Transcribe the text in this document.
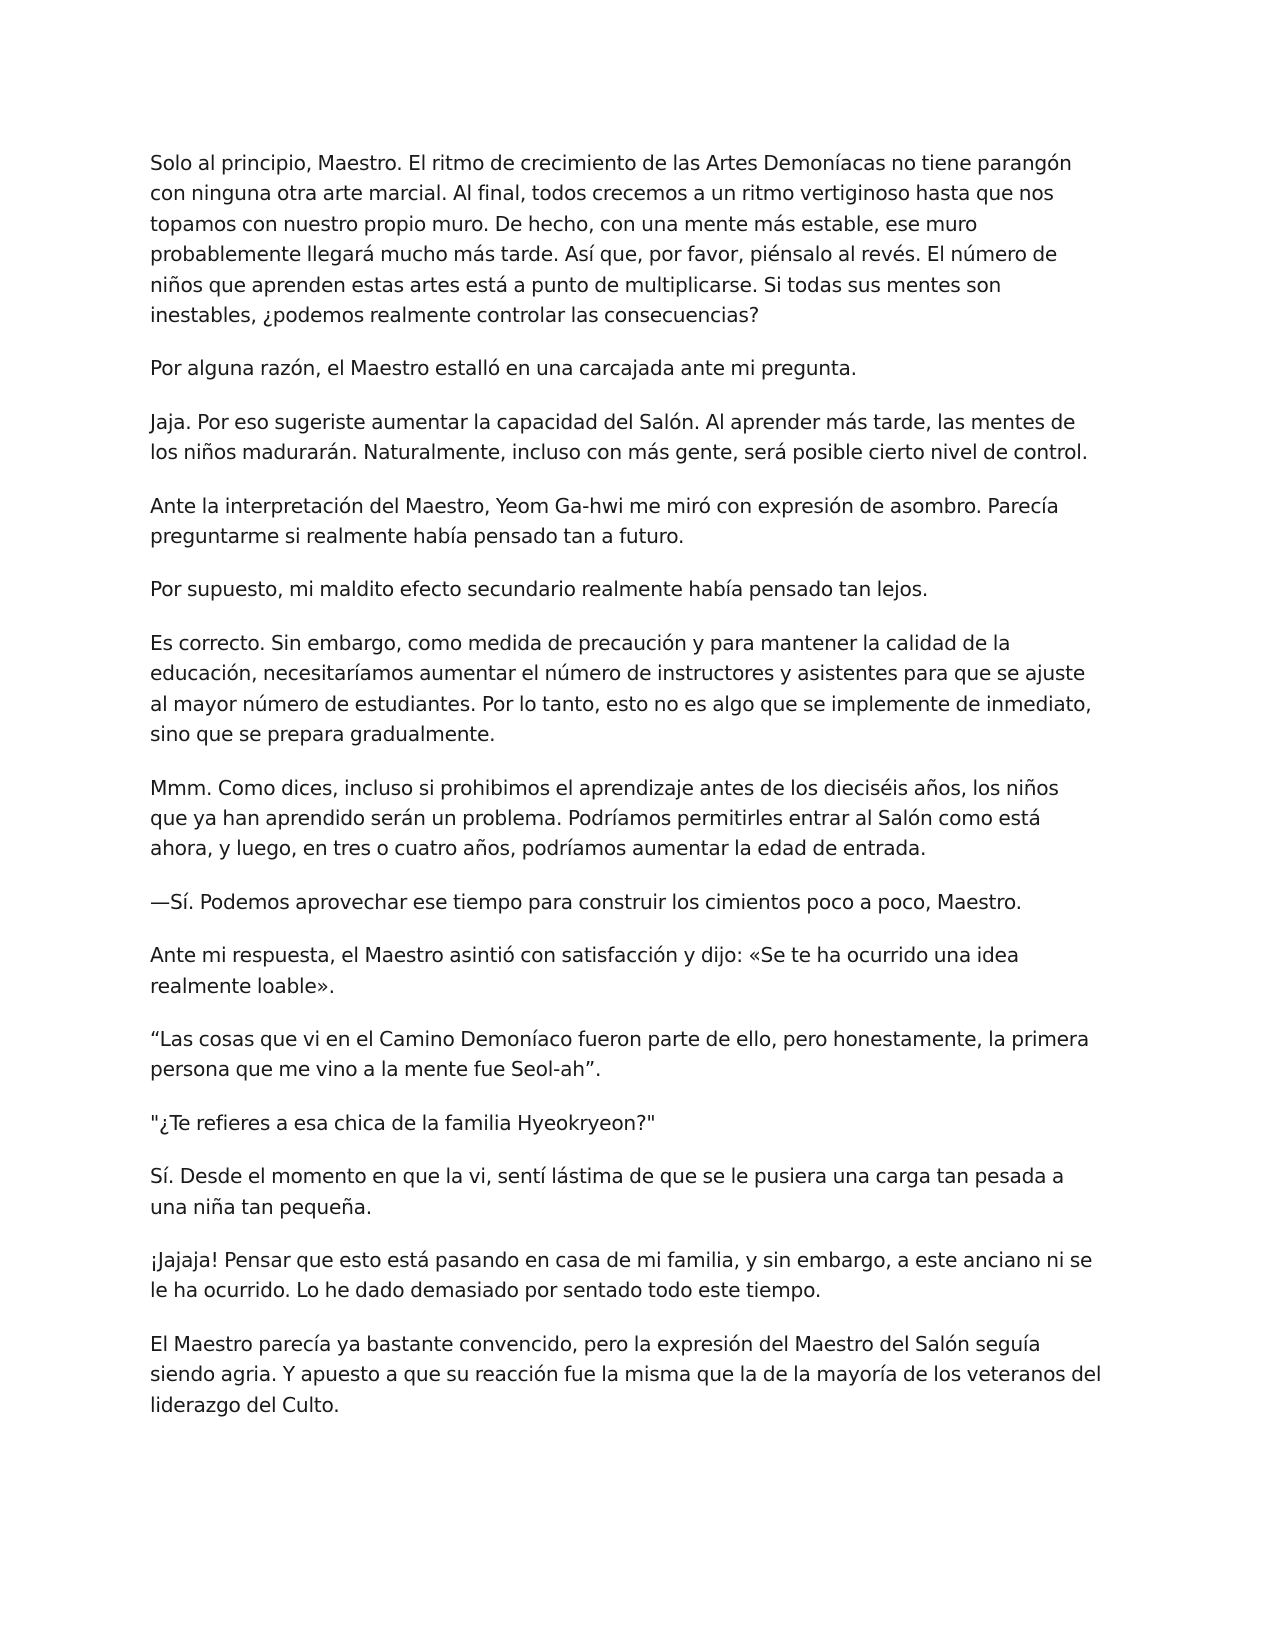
Solo al principio, Maestro. El ritmo de crecimiento de las Artes Demoníacas no tiene parangón
con ninguna otra arte marcial. Al final, todos crecemos a un ritmo vertiginoso hasta que nos
topamos con nuestro propio muro. De hecho, con una mente más estable, ese muro
probablemente llegará mucho más tarde. Así que, por favor, piénsalo al revés. El número de
niños que aprenden estas artes está a punto de multiplicarse. Si todas sus mentes son
inestables, ¿podemos realmente controlar las consecuencias?

Por alguna razón, el Maestro estalló en una carcajada ante mi pregunta.

Jaja. Por eso sugeriste aumentar la capacidad del Salón. Al aprender más tarde, las mentes de
los niños madurarán. Naturalmente, incluso con más gente, será posible cierto nivel de control.

Ante la interpretación del Maestro, Yeom Ga-hwi me miró con expresión de asombro. Parecía
preguntarme si realmente había pensado tan a futuro.

Por supuesto, mi maldito efecto secundario realmente había pensado tan lejos.

Es correcto. Sin embargo, como medida de precaución y para mantener la calidad de la
educación, necesitaríamos aumentar el número de instructores y asistentes para que se ajuste
al mayor número de estudiantes. Por lo tanto, esto no es algo que se implemente de inmediato,
sino que se prepara gradualmente.

Mmm. Como dices, incluso si prohibimos el aprendizaje antes de los dieciséis años, los niños
que ya han aprendido serán un problema. Podríamos permitirles entrar al Salón como está
ahora, y luego, en tres o cuatro años, podríamos aumentar la edad de entrada.

—Sí. Podemos aprovechar ese tiempo para construir los cimientos poco a poco, Maestro.

Ante mi respuesta, el Maestro asintió con satisfacción y dijo: «Se te ha ocurrido una idea
realmente loable».

“Las cosas que vi en el Camino Demoníaco fueron parte de ello, pero honestamente, la primera
persona que me vino a la mente fue Seol-ah”.

"¿Te refieres a esa chica de la familia Hyeokryeon?"

Sí. Desde el momento en que la vi, sentí lástima de que se le pusiera una carga tan pesada a
una niña tan pequeña.

¡Jajaja! Pensar que esto está pasando en casa de mi familia, y sin embargo, a este anciano ni se
le ha ocurrido. Lo he dado demasiado por sentado todo este tiempo.

El Maestro parecía ya bastante convencido, pero la expresión del Maestro del Salón seguía
siendo agria. Y apuesto a que su reacción fue la misma que la de la mayoría de los veteranos del
liderazgo del Culto.
